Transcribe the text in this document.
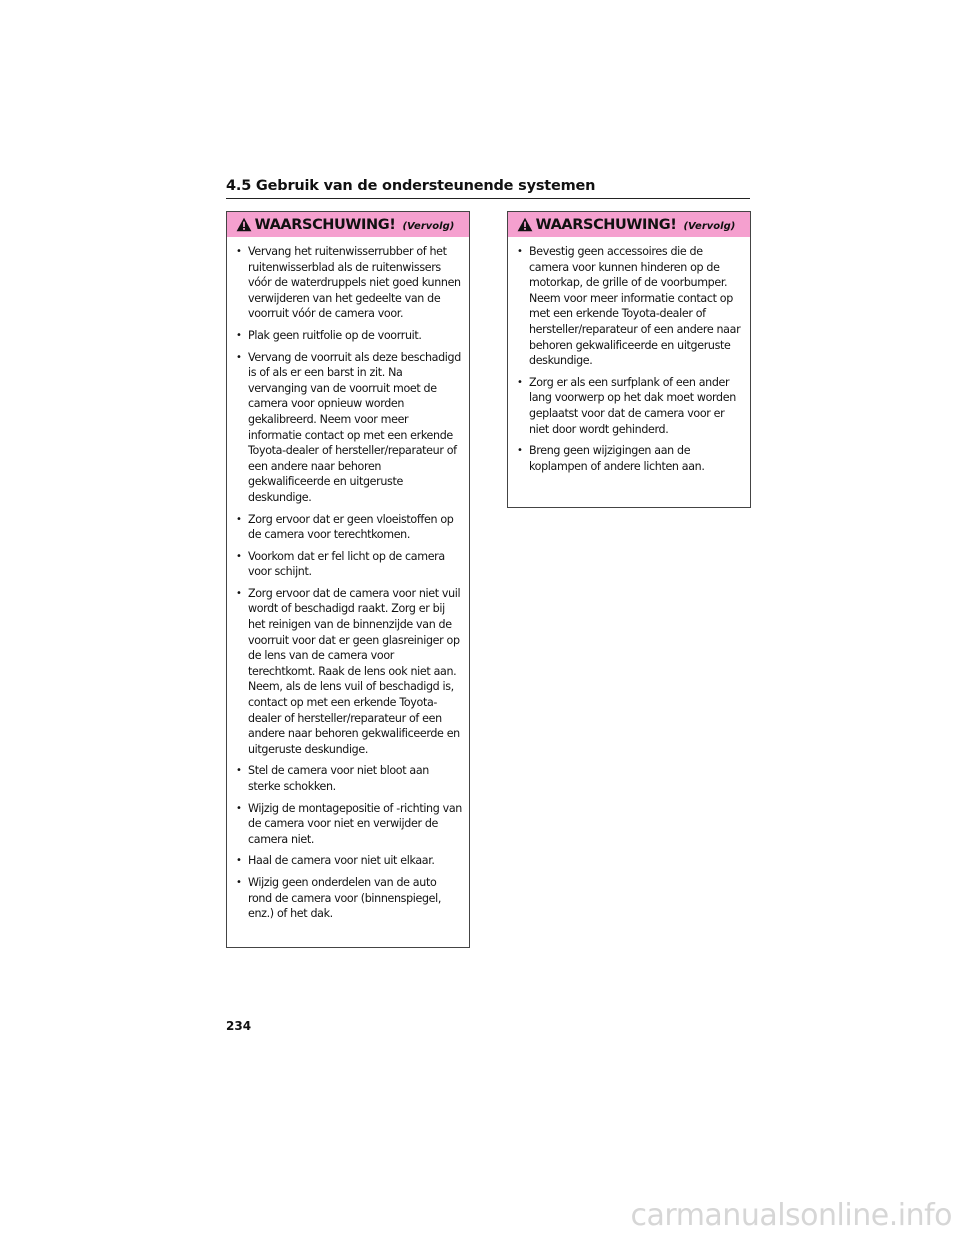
4.5 Gebruik van de ondersteunende systemen
WAARSCHUWING! (Vervolg)
• Vervang het ruitenwisserrubber of het ruitenwisserblad als de ruitenwissers vóór de waterdruppels niet goed kunnen verwijderen van het gedeelte van de voorruit vóór de camera voor.
• Plak geen ruitfolie op de voorruit.
• Vervang de voorruit als deze beschadigd is of als er een barst in zit. Na vervanging van de voorruit moet de camera voor opnieuw worden gekalibreerd. Neem voor meer informatie contact op met een erkende Toyota-dealer of hersteller/reparateur of een andere naar behoren gekwalificeerde en uitgeruste deskundige.
• Zorg ervoor dat er geen vloeistoffen op de camera voor terechtkomen.
• Voorkom dat er fel licht op de camera voor schijnt.
• Zorg ervoor dat de camera voor niet vuil wordt of beschadigd raakt. Zorg er bij het reinigen van de binnenzijde van de voorruit voor dat er geen glasreiniger op de lens van de camera voor terechtkomt. Raak de lens ook niet aan. Neem, als de lens vuil of beschadigd is, contact op met een erkende Toyota-dealer of hersteller/reparateur of een andere naar behoren gekwalificeerde en uitgeruste deskundige.
• Stel de camera voor niet bloot aan sterke schokken.
• Wijzig de montagepositie of -richting van de camera voor niet en verwijder de camera niet.
• Haal de camera voor niet uit elkaar.
• Wijzig geen onderdelen van de auto rond de camera voor (binnenspiegel, enz.) of het dak.
WAARSCHUWING! (Vervolg)
• Bevestig geen accessoires die de camera voor kunnen hinderen op de motorkap, de grille of de voorbumper. Neem voor meer informatie contact op met een erkende Toyota-dealer of hersteller/reparateur of een andere naar behoren gekwalificeerde en uitgeruste deskundige.
• Zorg er als een surfplank of een ander lang voorwerp op het dak moet worden geplaatst voor dat de camera voor er niet door wordt gehinderd.
• Breng geen wijzigingen aan de koplampen of andere lichten aan.
234
carmanualsonline.info
